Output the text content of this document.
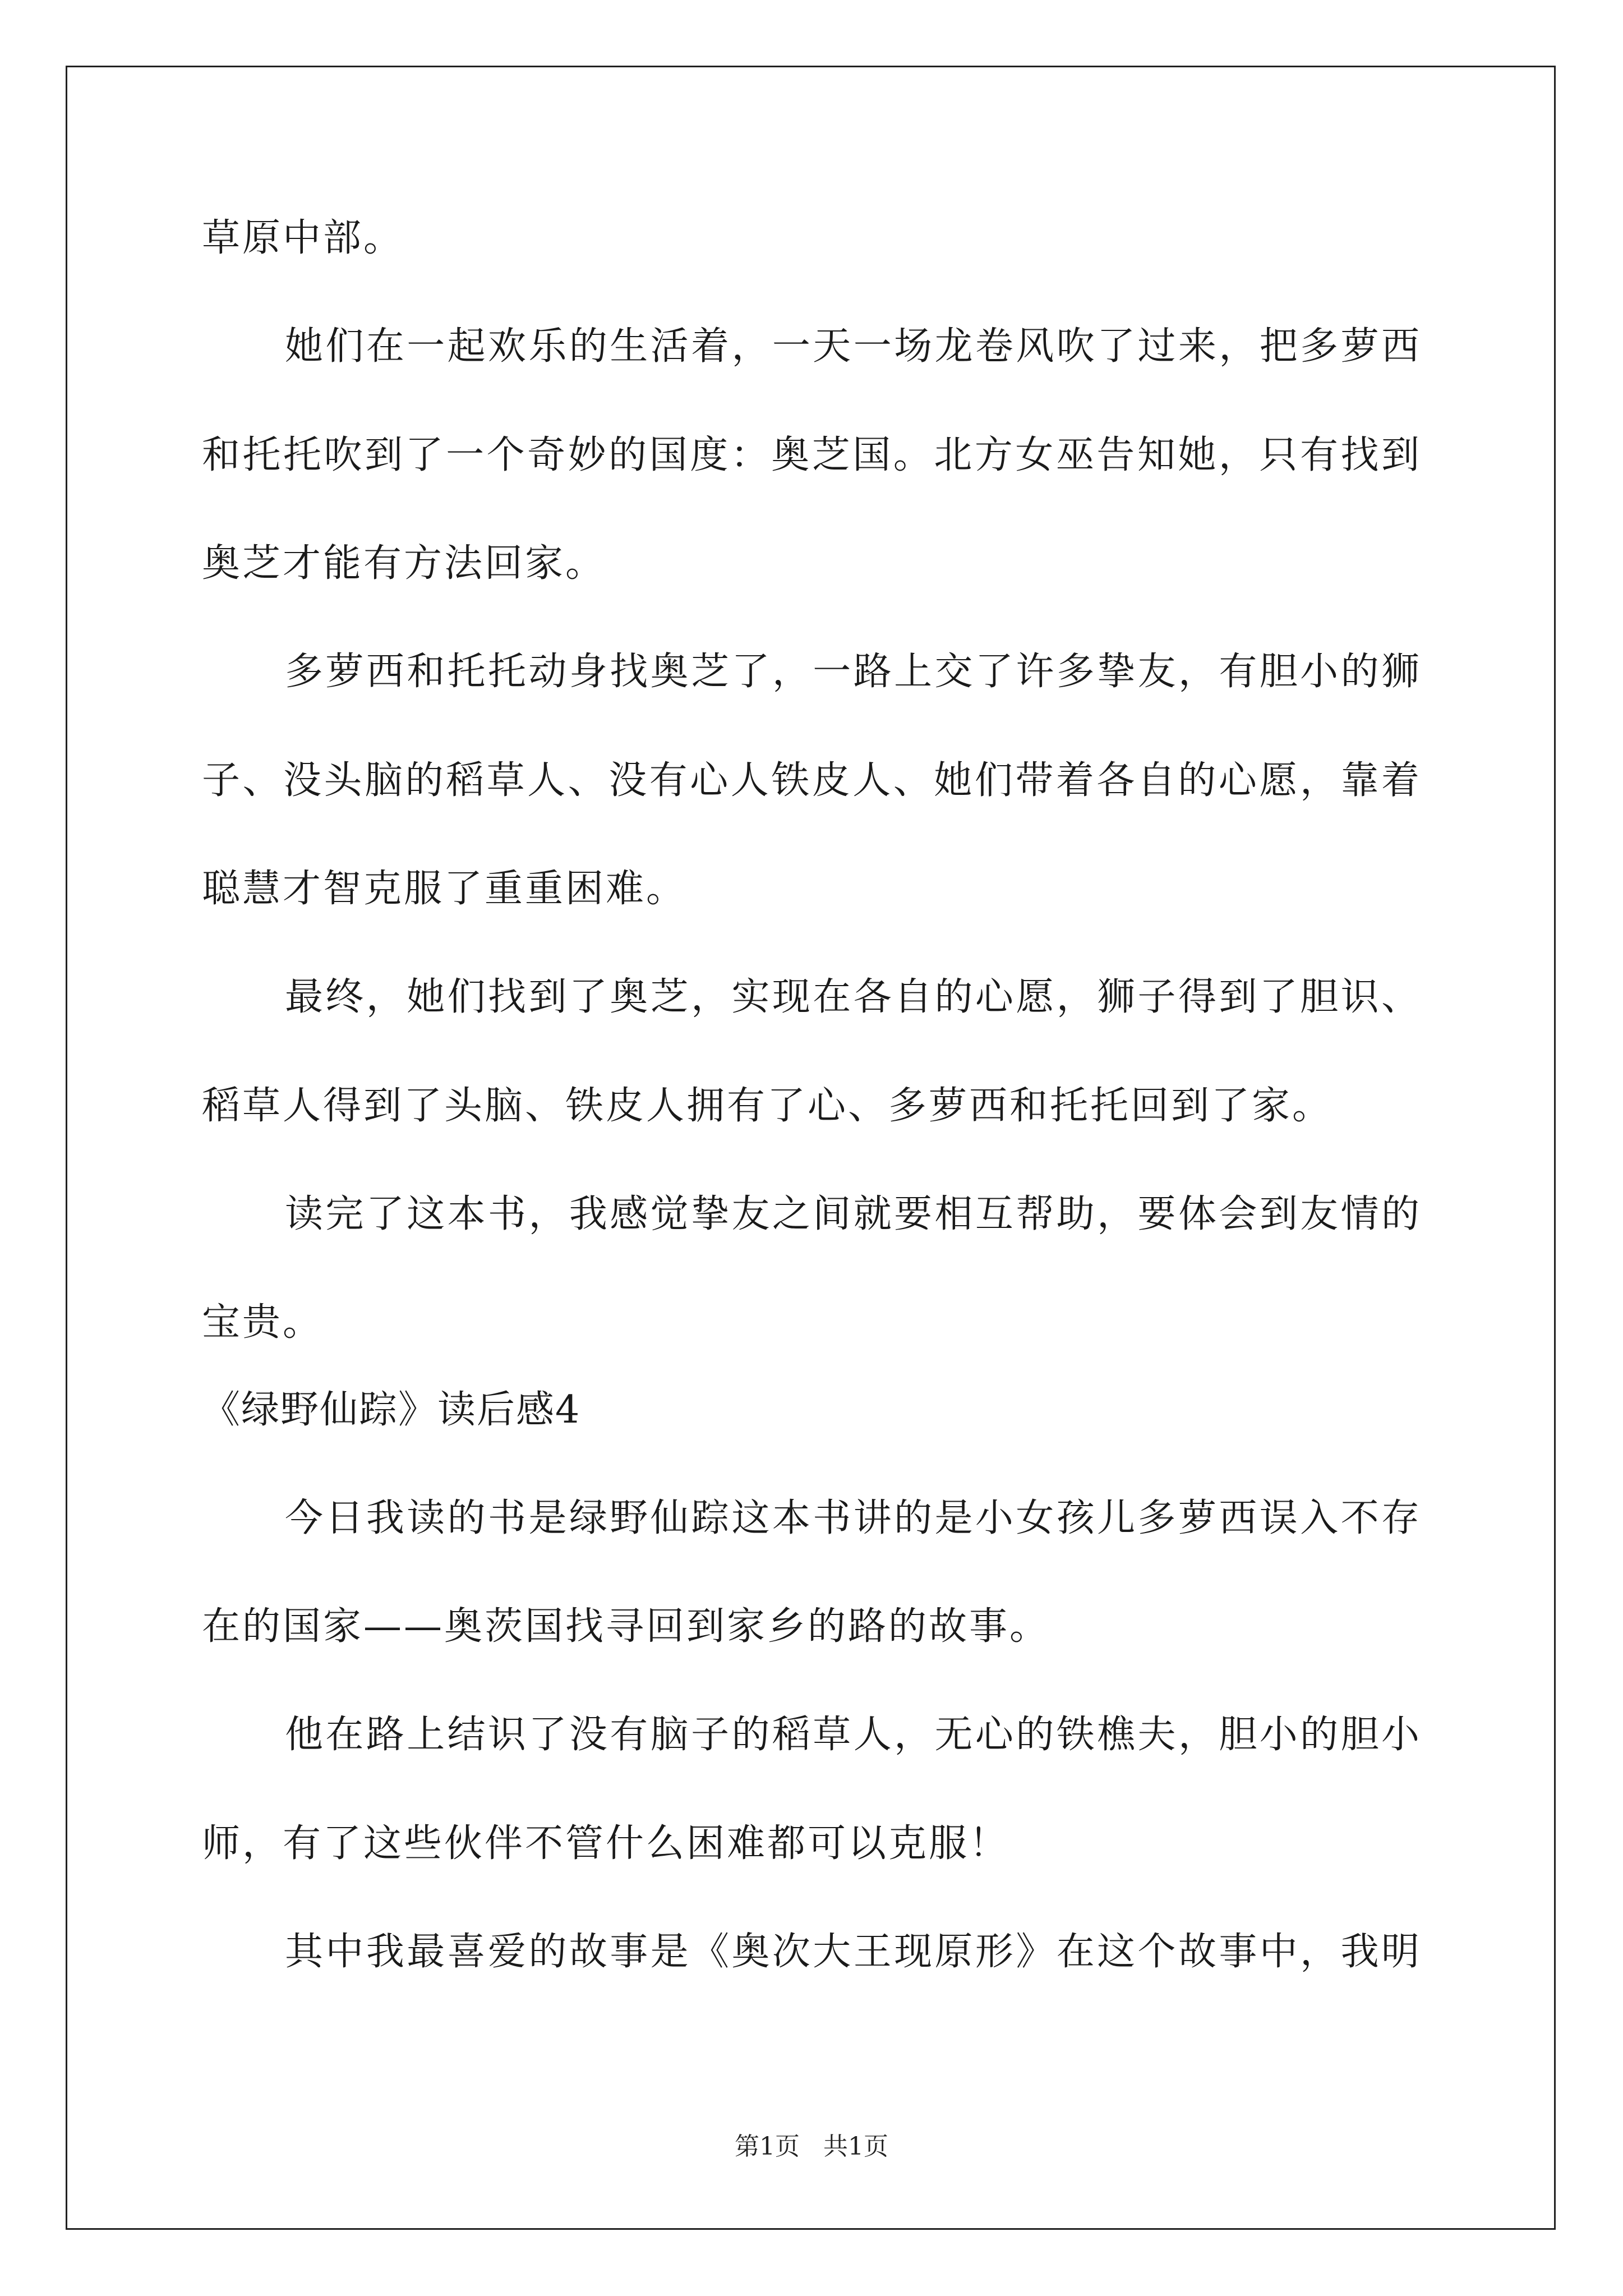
草原中部。
她们在一起欢乐的生活着，一天一场龙卷风吹了过来，把多萝西
和托托吹到了一个奇妙的国度：奥芝国。北方女巫告知她，只有找到
奥芝才能有方法回家。
多萝西和托托动身找奥芝了，一路上交了许多挚友，有胆小的狮
子、没头脑的稻草人、没有心人铁皮人、她们带着各自的心愿，靠着
聪慧才智克服了重重困难。
最终，她们找到了奥芝，实现在各自的心愿，狮子得到了胆识、
稻草人得到了头脑、铁皮人拥有了心、多萝西和托托回到了家。
读完了这本书，我感觉挚友之间就要相互帮助，要体会到友情的
宝贵。
《绿野仙踪》读后感4
今日我读的书是绿野仙踪这本书讲的是小女孩儿多萝西误入不存
在的国家——奥茨国找寻回到家乡的路的故事。
他在路上结识了没有脑子的稻草人，无心的铁樵夫，胆小的胆小
师，有了这些伙伴不管什么困难都可以克服！
其中我最喜爱的故事是《奥次大王现原形》在这个故事中，我明
第1页 共1页
